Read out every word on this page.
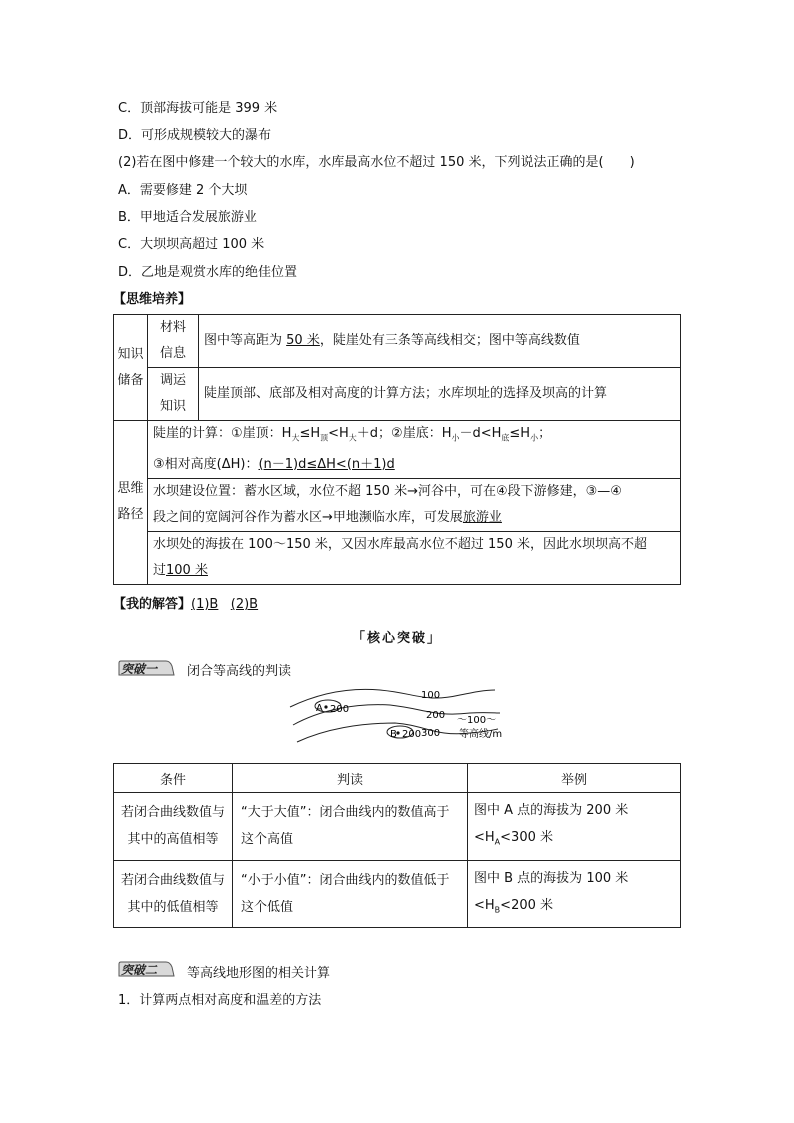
C．顶部海拔可能是 399 米
D．可形成规模较大的瀑布
(2)若在图中修建一个较大的水库，水库最高水位不超过 150 米，下列说法正确的是(　　)
A．需要修建 2 个大坝
B．甲地适合发展旅游业
C．大坝坝高超过 100 米
D．乙地是观赏水库的绝佳位置
【思维培养】
知识储备	材料信息	图中等高距为 50 米，陡崖处有三条等高线相交；图中等高线数值
	调运知识	陡崖顶部、底部及相对高度的计算方法；水库坝址的选择及坝高的计算
思维路径	陡崖的计算：①崖顶：$H_大\le H_顶<H_大+d$；②崖底：$H_小-d<H_底\le H_小$；
③相对高度(ΔH)：(n－1)d≤ΔH<(n＋1)d	

	水坝建设位置：蓄水区域，水位不超 150 米→河谷中，可在④段下游修建，③—④
段之间的宽阔河谷作为蓄水区→甲地濒临水库，可发展旅游业	

	水坝处的海拔在 100～150 米，又因水库最高水位不超过 150 米，因此水坝坝高不超
过100 米	
【我的解答】(1)B (2)B
「核心突破」
突破一 闭合等高线的判读
A 200
B 200
100
200
300
～100～
等高线/m
条件	判读	举例
若闭合曲线数值与其中的高值相等	“大于大值”：闭合曲线内的数值高于这个高值	图中 A 点的海拔为 200 米$<H_A<300$ 米
若闭合曲线数值与其中的低值相等	“小于小值”：闭合曲线内的数值低于这个低值	图中 B 点的海拔为 100 米$<H_B<200$ 米
突破二 等高线地形图的相关计算
1．计算两点相对高度和温差的方法
